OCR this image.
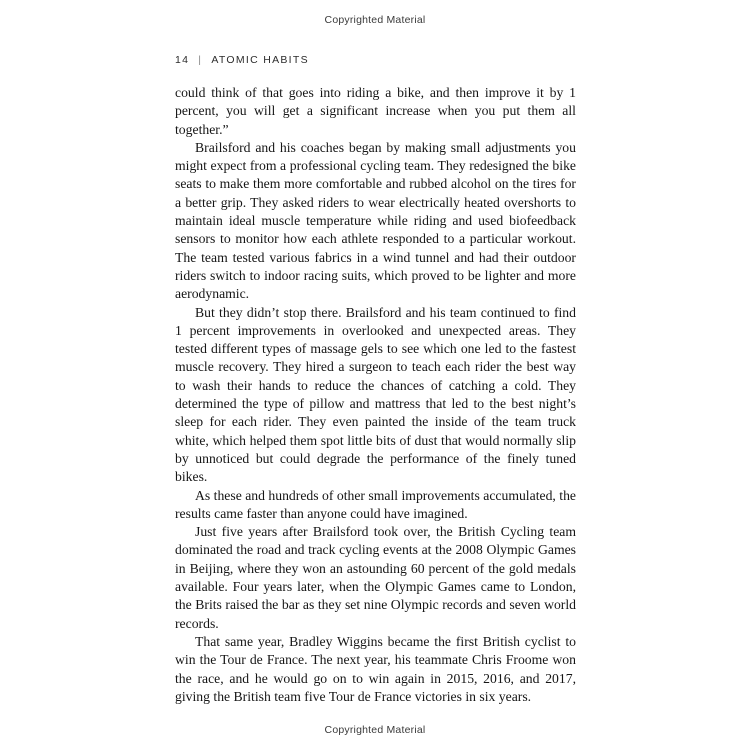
Copyrighted Material
14 | ATOMIC HABITS

could think of that goes into riding a bike, and then improve it by 1 percent, you will get a significant increase when you put them all together.”

Brailsford and his coaches began by making small adjustments you might expect from a professional cycling team. They redesigned the bike seats to make them more comfortable and rubbed alcohol on the tires for a better grip. They asked riders to wear electrically heated overshorts to maintain ideal muscle temperature while riding and used biofeedback sensors to monitor how each athlete responded to a particular workout. The team tested various fabrics in a wind tunnel and had their outdoor riders switch to indoor racing suits, which proved to be lighter and more aerodynamic.

But they didn’t stop there. Brailsford and his team continued to find 1 percent improvements in overlooked and unexpected areas. They tested different types of massage gels to see which one led to the fastest muscle recovery. They hired a surgeon to teach each rider the best way to wash their hands to reduce the chances of catching a cold. They determined the type of pillow and mattress that led to the best night’s sleep for each rider. They even painted the inside of the team truck white, which helped them spot little bits of dust that would normally slip by unnoticed but could degrade the performance of the finely tuned bikes.

As these and hundreds of other small improvements accumulated, the results came faster than anyone could have imagined.

Just five years after Brailsford took over, the British Cycling team dominated the road and track cycling events at the 2008 Olympic Games in Beijing, where they won an astounding 60 percent of the gold medals available. Four years later, when the Olympic Games came to London, the Brits raised the bar as they set nine Olympic records and seven world records.

That same year, Bradley Wiggins became the first British cyclist to win the Tour de France. The next year, his teammate Chris Froome won the race, and he would go on to win again in 2015, 2016, and 2017, giving the British team five Tour de France victories in six years.

Copyrighted Material
